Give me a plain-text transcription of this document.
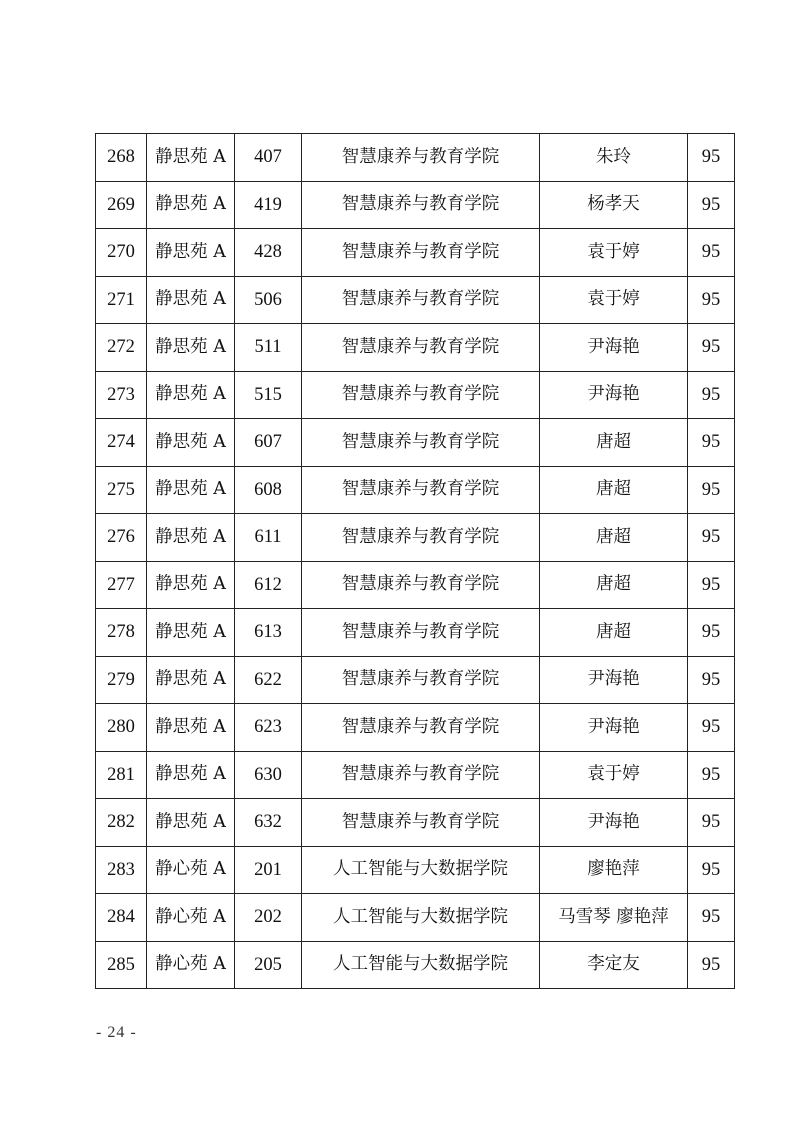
268	静思苑 A	407	智慧康养与教育学院	朱玲	95
269	静思苑 A	419	智慧康养与教育学院	杨孝天	95
270	静思苑 A	428	智慧康养与教育学院	袁于婷	95
271	静思苑 A	506	智慧康养与教育学院	袁于婷	95
272	静思苑 A	511	智慧康养与教育学院	尹海艳	95
273	静思苑 A	515	智慧康养与教育学院	尹海艳	95
274	静思苑 A	607	智慧康养与教育学院	唐超	95
275	静思苑 A	608	智慧康养与教育学院	唐超	95
276	静思苑 A	611	智慧康养与教育学院	唐超	95
277	静思苑 A	612	智慧康养与教育学院	唐超	95
278	静思苑 A	613	智慧康养与教育学院	唐超	95
279	静思苑 A	622	智慧康养与教育学院	尹海艳	95
280	静思苑 A	623	智慧康养与教育学院	尹海艳	95
281	静思苑 A	630	智慧康养与教育学院	袁于婷	95
282	静思苑 A	632	智慧康养与教育学院	尹海艳	95
283	静心苑 A	201	人工智能与大数据学院	廖艳萍	95
284	静心苑 A	202	人工智能与大数据学院	马雪琴 廖艳萍	95
285	静心苑 A	205	人工智能与大数据学院	李定友	95
- 24 -
